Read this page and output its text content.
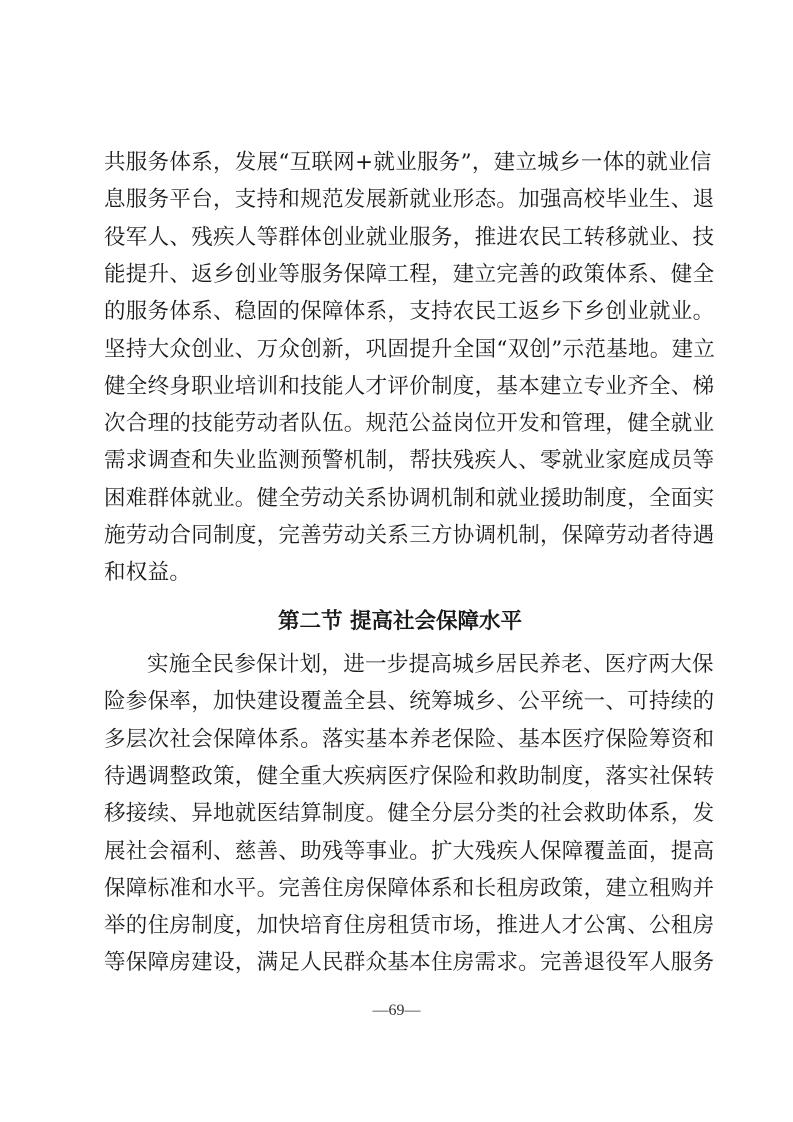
共服务体系，发展“互联网+就业服务”，建立城乡一体的就业信
息服务平台，支持和规范发展新就业形态。加强高校毕业生、退
役军人、残疾人等群体创业就业服务，推进农民工转移就业、技
能提升、返乡创业等服务保障工程，建立完善的政策体系、健全
的服务体系、稳固的保障体系，支持农民工返乡下乡创业就业。
坚持大众创业、万众创新，巩固提升全国“双创”示范基地。建立
健全终身职业培训和技能人才评价制度，基本建立专业齐全、梯
次合理的技能劳动者队伍。规范公益岗位开发和管理，健全就业
需求调查和失业监测预警机制，帮扶残疾人、零就业家庭成员等
困难群体就业。健全劳动关系协调机制和就业援助制度，全面实
施劳动合同制度，完善劳动关系三方协调机制，保障劳动者待遇
和权益。
第二节 提高社会保障水平
实施全民参保计划，进一步提高城乡居民养老、医疗两大保
险参保率，加快建设覆盖全县、统筹城乡、公平统一、可持续的
多层次社会保障体系。落实基本养老保险、基本医疗保险筹资和
待遇调整政策，健全重大疾病医疗保险和救助制度，落实社保转
移接续、异地就医结算制度。健全分层分类的社会救助体系，发
展社会福利、慈善、助残等事业。扩大残疾人保障覆盖面，提高
保障标准和水平。完善住房保障体系和长租房政策，建立租购并
举的住房制度，加快培育住房租赁市场，推进人才公寓、公租房
等保障房建设，满足人民群众基本住房需求。完善退役军人服务
—69—
